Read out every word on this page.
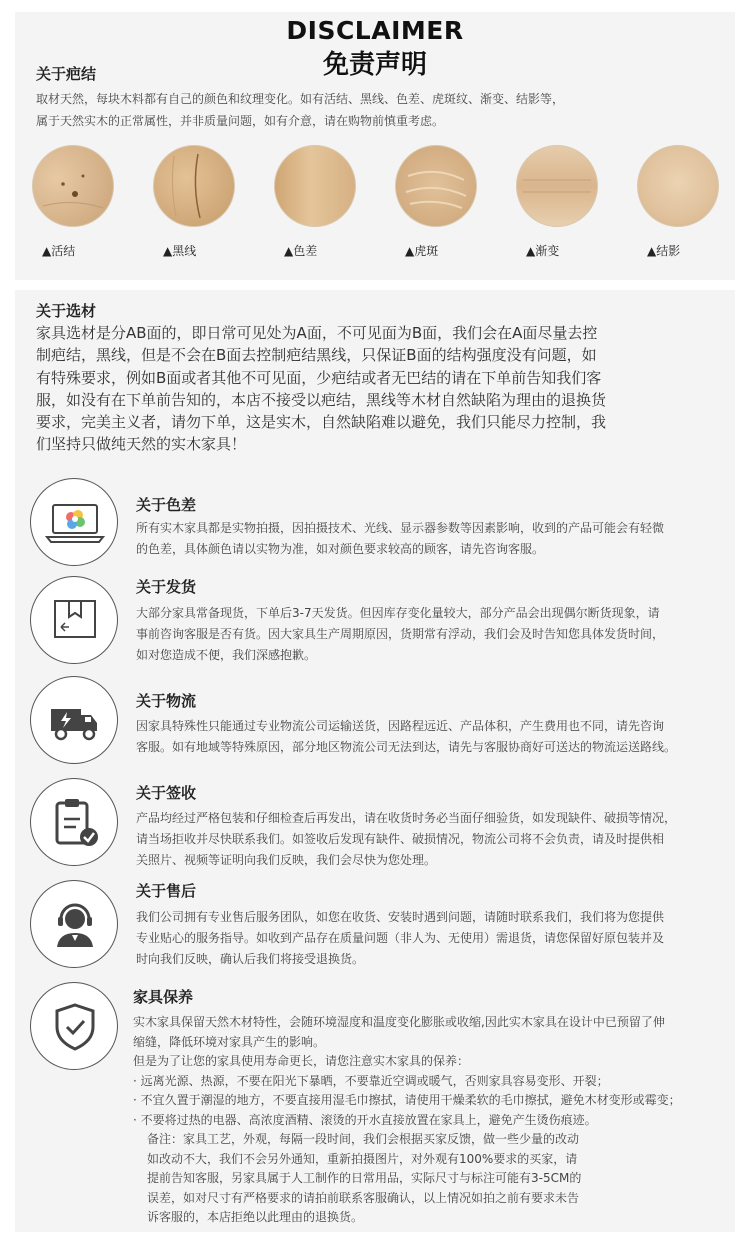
DISCLAIMER
免责声明
关于疤结
取材天然，每块木料都有自己的颜色和纹理变化。如有活结、黑线、色差、虎斑纹、渐变、结影等，
属于天然实木的正常属性，并非质量问题，如有介意，请在购物前慎重考虑。
▲活结	▲黑线	▲色差	▲虎斑	▲渐变	▲结影
关于选材
家具选材是分AB面的，即日常可见处为A面，不可见面为B面，我们会在A面尽量去控
制疤结，黑线，但是不会在B面去控制疤结黑线，只保证B面的结构强度没有问题，如
有特殊要求，例如B面或者其他不可见面，少疤结或者无巴结的请在下单前告知我们客
服，如没有在下单前告知的，本店不接受以疤结，黑线等木材自然缺陷为理由的退换货
要求，完美主义者，请勿下单，这是实木，自然缺陷难以避免，我们只能尽力控制，我
们坚持只做纯天然的实木家具！
关于色差
所有实木家具都是实物拍摄，因拍摄技术、光线、显示器参数等因素影响，收到的产品可能会有轻微
的色差，具体颜色请以实物为准，如对颜色要求较高的顾客，请先咨询客服。
关于发货
大部分家具常备现货，下单后3-7天发货。但因库存变化量较大，部分产品会出现偶尔断货现象，请
事前咨询客服是否有货。因大家具生产周期原因，货期常有浮动，我们会及时告知您具体发货时间，
如对您造成不便，我们深感抱歉。
关于物流
因家具特殊性只能通过专业物流公司运输送货，因路程远近、产品体积，产生费用也不同，请先咨询
客服。如有地域等特殊原因，部分地区物流公司无法到达，请先与客服协商好可送达的物流运送路线。
关于签收
产品均经过严格包装和仔细检查后再发出，请在收货时务必当面仔细验货，如发现缺件、破损等情况，
请当场拒收并尽快联系我们。如签收后发现有缺件、破损情况，物流公司将不会负责，请及时提供相
关照片、视频等证明向我们反映，我们会尽快为您处理。
关于售后
我们公司拥有专业售后服务团队，如您在收货、安装时遇到问题，请随时联系我们，我们将为您提供
专业贴心的服务指导。如收到产品存在质量问题（非人为、无使用）需退货，请您保留好原包装并及
时向我们反映，确认后我们将接受退换货。
家具保养
实木家具保留天然木材特性，会随环境湿度和温度变化膨胀或收缩,因此实木家具在设计中已预留了伸
缩缝，降低环境对家具产生的影响。
但是为了让您的家具使用寿命更长，请您注意实木家具的保养：
· 远离光源、热源，不要在阳光下暴晒，不要靠近空调或暖气，否则家具容易变形、开裂；
· 不宜久置于潮湿的地方，不要直接用湿毛巾擦拭，请使用干燥柔软的毛巾擦拭，避免木材变形或霉变；
· 不要将过热的电器、高浓度酒精、滚烫的开水直接放置在家具上，避免产生烫伤痕迹。
备注：家具工艺，外观，每隔一段时间，我们会根据买家反馈，做一些少量的改动
如改动不大，我们不会另外通知，重新拍摄图片，对外观有100%要求的买家，请
提前告知客服，另家具属于人工制作的日常用品，实际尺寸与标注可能有3-5CM的
误差，如对尺寸有严格要求的请拍前联系客服确认，以上情况如拍之前有要求未告
诉客服的，本店拒绝以此理由的退换货。
